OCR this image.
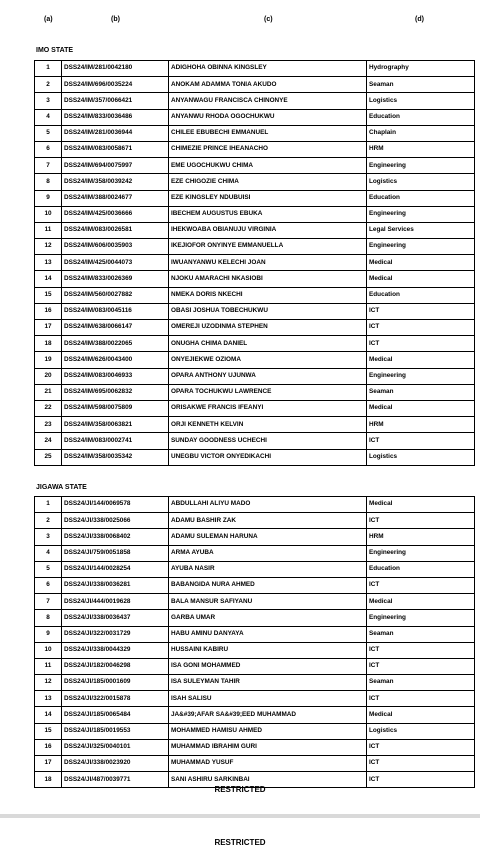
(a)	(b)	(c)	(d)
IMO STATE
1	DSS24/IM/281/0042180	ADIGHOHA OBINNA KINGSLEY	Hydrography
2	DSS24/IM/696/0035224	ANOKAM ADAMMA TONIA AKUDO	Seaman
3	DSS24/IM/357/0066421	ANYANWAGU FRANCISCA CHINONYE	Logistics
4	DSS24/IM/833/0036486	ANYANWU RHODA OGOCHUKWU	Education
5	DSS24/IM/281/0036944	CHILEE EBUBECHI EMMANUEL	Chaplain
6	DSS24/IM/083/0058671	CHIMEZIE PRINCE IHEANACHO	HRM
7	DSS24/IM/694/0075997	EME UGOCHUKWU CHIMA	Engineering
8	DSS24/IM/358/0039242	EZE CHIGOZIE CHIMA	Logistics
9	DSS24/IM/388/0024677	EZE KINGSLEY NDUBUISI	Education
10	DSS24/IM/425/0036666	IBECHEM AUGUSTUS EBUKA	Engineering
11	DSS24/IM/083/0026581	IHEKWOABA OBIANUJU VIRGINIA	Legal Services
12	DSS24/IM/606/0035903	IKEJIOFOR ONYINYE EMMANUELLA	Engineering
13	DSS24/IM/425/0044073	IWUANYANWU KELECHI JOAN	Medical
14	DSS24/IM/833/0026369	NJOKU AMARACHI NKASIOBI	Medical
15	DSS24/IM/560/0027882	NMEKA DORIS NKECHI	Education
16	DSS24/IM/083/0045116	OBASI JOSHUA TOBECHUKWU	ICT
17	DSS24/IM/638/0066147	OMEREJI UZODINMA STEPHEN	ICT
18	DSS24/IM/388/0022065	ONUGHA CHIMA DANIEL	ICT
19	DSS24/IM/626/0043400	ONYEJIEKWE OZIOMA	Medical
20	DSS24/IM/083/0046933	OPARA ANTHONY UJUNWA	Engineering
21	DSS24/IM/695/0062832	OPARA TOCHUKWU LAWRENCE	Seaman
22	DSS24/IM/598/0075809	ORISAKWE FRANCIS IFEANYI	Medical
23	DSS24/IM/358/0063821	ORJI KENNETH KELVIN	HRM
24	DSS24/IM/083/0002741	SUNDAY GOODNESS UCHECHI	ICT
25	DSS24/IM/358/0035342	UNEGBU VICTOR ONYEDIKACHI	Logistics
JIGAWA STATE
1	DSS24/JI/144/0069578	ABDULLAHI ALIYU MADO	Medical
2	DSS24/JI/338/0025066	ADAMU BASHIR ZAK	ICT
3	DSS24/JI/338/0068402	ADAMU SULEMAN HARUNA	HRM
4	DSS24/JI/759/0051858	ARMA AYUBA	Engineering
5	DSS24/JI/144/0028254	AYUBA NASIR	Education
6	DSS24/JI/338/0036281	BABANGIDA NURA AHMED	ICT
7	DSS24/JI/444/0019628	BALA MANSUR SAFIYANU	Medical
8	DSS24/JI/338/0036437	GARBA UMAR	Engineering
9	DSS24/JI/322/0031729	HABU AMINU DANYAYA	Seaman
10	DSS24/JI/338/0044329	HUSSAINI KABIRU	ICT
11	DSS24/JI/182/0046298	ISA GONI MOHAMMED	ICT
12	DSS24/JI/185/0001609	ISA SULEYMAN TAHIR	Seaman
13	DSS24/JI/322/0015878	ISAH SALISU	ICT
14	DSS24/JI/185/0065484	JA&#39;AFAR SA&#39;EED MUHAMMAD	Medical
15	DSS24/JI/185/0019553	MOHAMMED HAMISU AHMED	Logistics
16	DSS24/JI/325/0040101	MUHAMMAD IBRAHIM GURI	ICT
17	DSS24/JI/338/0023920	MUHAMMAD YUSUF	ICT
18	DSS24/JI/487/0039771	SANI ASHIRU SARKINBAI	ICT
RESTRICTED
RESTRICTED
